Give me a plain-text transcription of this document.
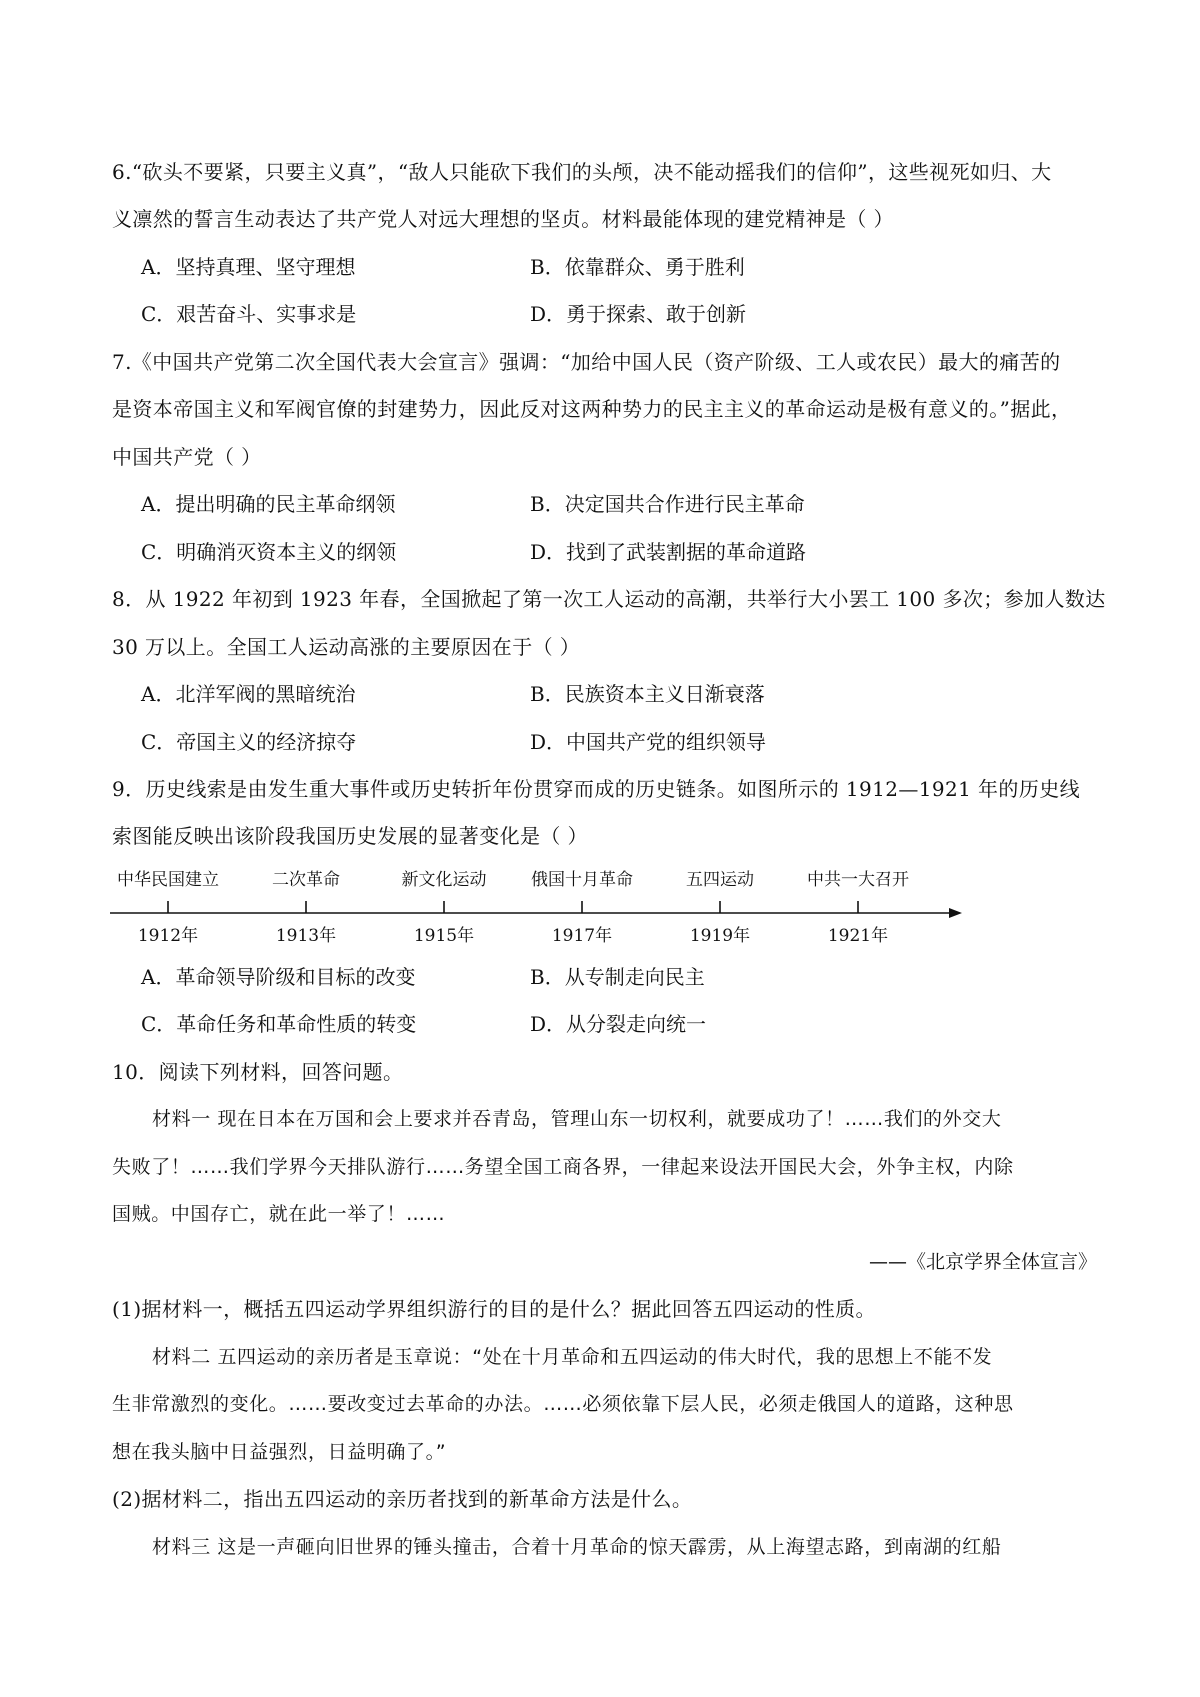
6.“砍头不要紧，只要主义真”，“敌人只能砍下我们的头颅，决不能动摇我们的信仰”，这些视死如归、大
义凛然的誓言生动表达了共产党人对远大理想的坚贞。材料最能体现的建党精神是（ ）
A．坚持真理、坚守理想	B．依靠群众、勇于胜利
C．艰苦奋斗、实事求是	D．勇于探索、敢于创新
7.《中国共产党第二次全国代表大会宣言》强调：“加给中国人民（资产阶级、工人或农民）最大的痛苦的
是资本帝国主义和军阀官僚的封建势力，因此反对这两种势力的民主主义的革命运动是极有意义的。”据此，
中国共产党（ ）
A．提出明确的民主革命纲领	B．决定国共合作进行民主革命
C．明确消灭资本主义的纲领	D．找到了武装割据的革命道路
8．从 1922 年初到 1923 年春，全国掀起了第一次工人运动的高潮，共举行大小罢工 100 多次；参加人数达
30 万以上。全国工人运动高涨的主要原因在于（ ）
A．北洋军阀的黑暗统治	B．民族资本主义日渐衰落
C．帝国主义的经济掠夺	D．中国共产党的组织领导
9．历史线索是由发生重大事件或历史转折年份贯穿而成的历史链条。如图所示的 1912—1921 年的历史线
索图能反映出该阶段我国历史发展的显著变化是（ ）
中华民国建立
1912年
二次革命
1913年
新文化运动
1915年
俄国十月革命
1917年
五四运动
1919年
中共一大召开
1921年
A．革命领导阶级和目标的改变	B．从专制走向民主
C．革命任务和革命性质的转变	D．从分裂走向统一
10．阅读下列材料，回答问题。
材料一 现在日本在万国和会上要求并吞青岛，管理山东一切权利，就要成功了！……我们的外交大
失败了！……我们学界今天排队游行……务望全国工商各界，一律起来设法开国民大会，外争主权，内除
国贼。中国存亡，就在此一举了！……
——《北京学界全体宣言》
(1)据材料一，概括五四运动学界组织游行的目的是什么？据此回答五四运动的性质。
材料二 五四运动的亲历者是玉章说：“处在十月革命和五四运动的伟大时代，我的思想上不能不发
生非常激烈的变化。……要改变过去革命的办法。……必须依靠下层人民，必须走俄国人的道路，这种思
想在我头脑中日益强烈，日益明确了。”
(2)据材料二，指出五四运动的亲历者找到的新革命方法是什么。
材料三 这是一声砸向旧世界的锤头撞击，合着十月革命的惊天霹雳，从上海望志路，到南湖的红船
